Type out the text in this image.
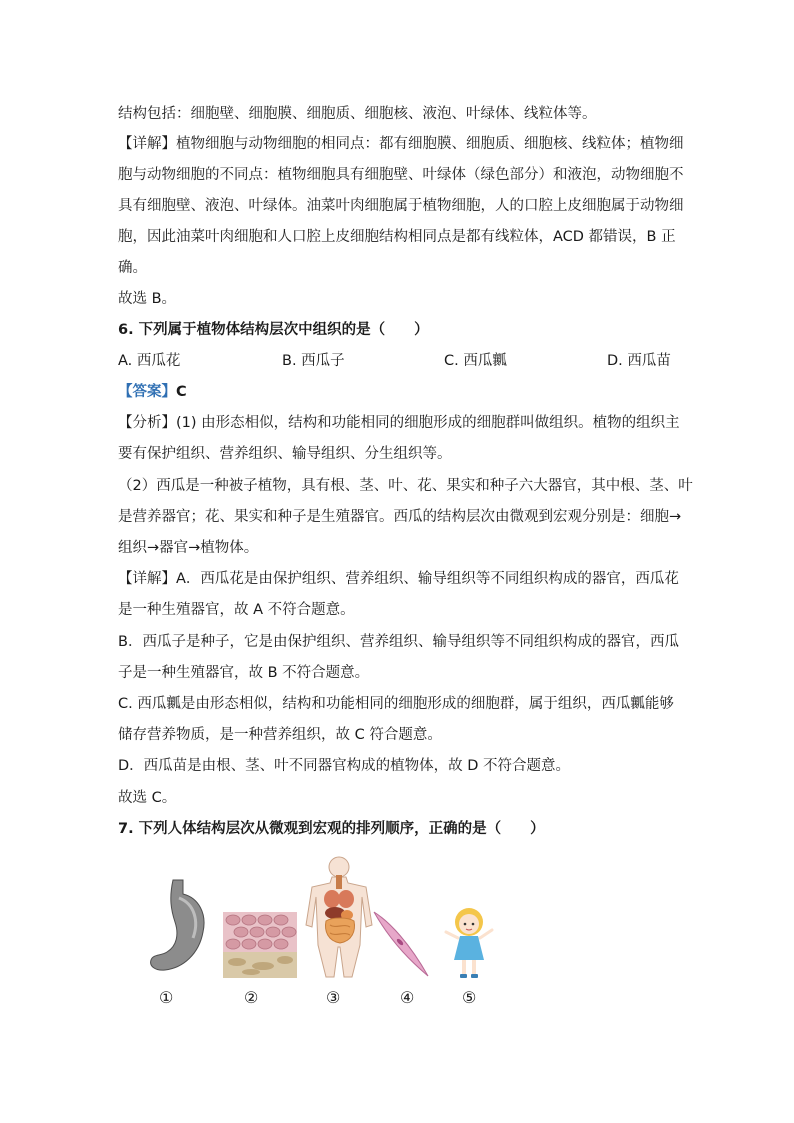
结构包括：细胞壁、细胞膜、细胞质、细胞核、液泡、叶绿体、线粒体等。
【详解】植物细胞与动物细胞的相同点：都有细胞膜、细胞质、细胞核、线粒体；植物细
胞与动物细胞的不同点：植物细胞具有细胞壁、叶绿体（绿色部分）和液泡，动物细胞不
具有细胞壁、液泡、叶绿体。油菜叶肉细胞属于植物细胞，人的口腔上皮细胞属于动物细
胞，因此油菜叶肉细胞和人口腔上皮细胞结构相同点是都有线粒体，ACD 都错误，B 正
确。
故选 B。
6. 下列属于植物体结构层次中组织的是（　　）
A. 西瓜花	B. 西瓜子	C. 西瓜瓤	D. 西瓜苗
【答案】C
【分析】(1) 由形态相似，结构和功能相同的细胞形成的细胞群叫做组织。植物的组织主
要有保护组织、营养组织、输导组织、分生组织等。
（2）西瓜是一种被子植物，具有根、茎、叶、花、果实和种子六大器官，其中根、茎、叶
是营养器官；花、果实和种子是生殖器官。西瓜的结构层次由微观到宏观分别是：细胞→
组织→器官→植物体。
【详解】A．西瓜花是由保护组织、营养组织、输导组织等不同组织构成的器官，西瓜花
是一种生殖器官，故 A 不符合题意。
B．西瓜子是种子，它是由保护组织、营养组织、输导组织等不同组织构成的器官，西瓜
子是一种生殖器官，故 B 不符合题意。
C. 西瓜瓤是由形态相似，结构和功能相同的细胞形成的细胞群，属于组织，西瓜瓤能够
储存营养物质，是一种营养组织，故 C 符合题意。
D．西瓜苗是由根、茎、叶不同器官构成的植物体，故 D 不符合题意。
故选 C。
7. 下列人体结构层次从微观到宏观的排列顺序，正确的是（　　）
①	②	③	④	⑤
